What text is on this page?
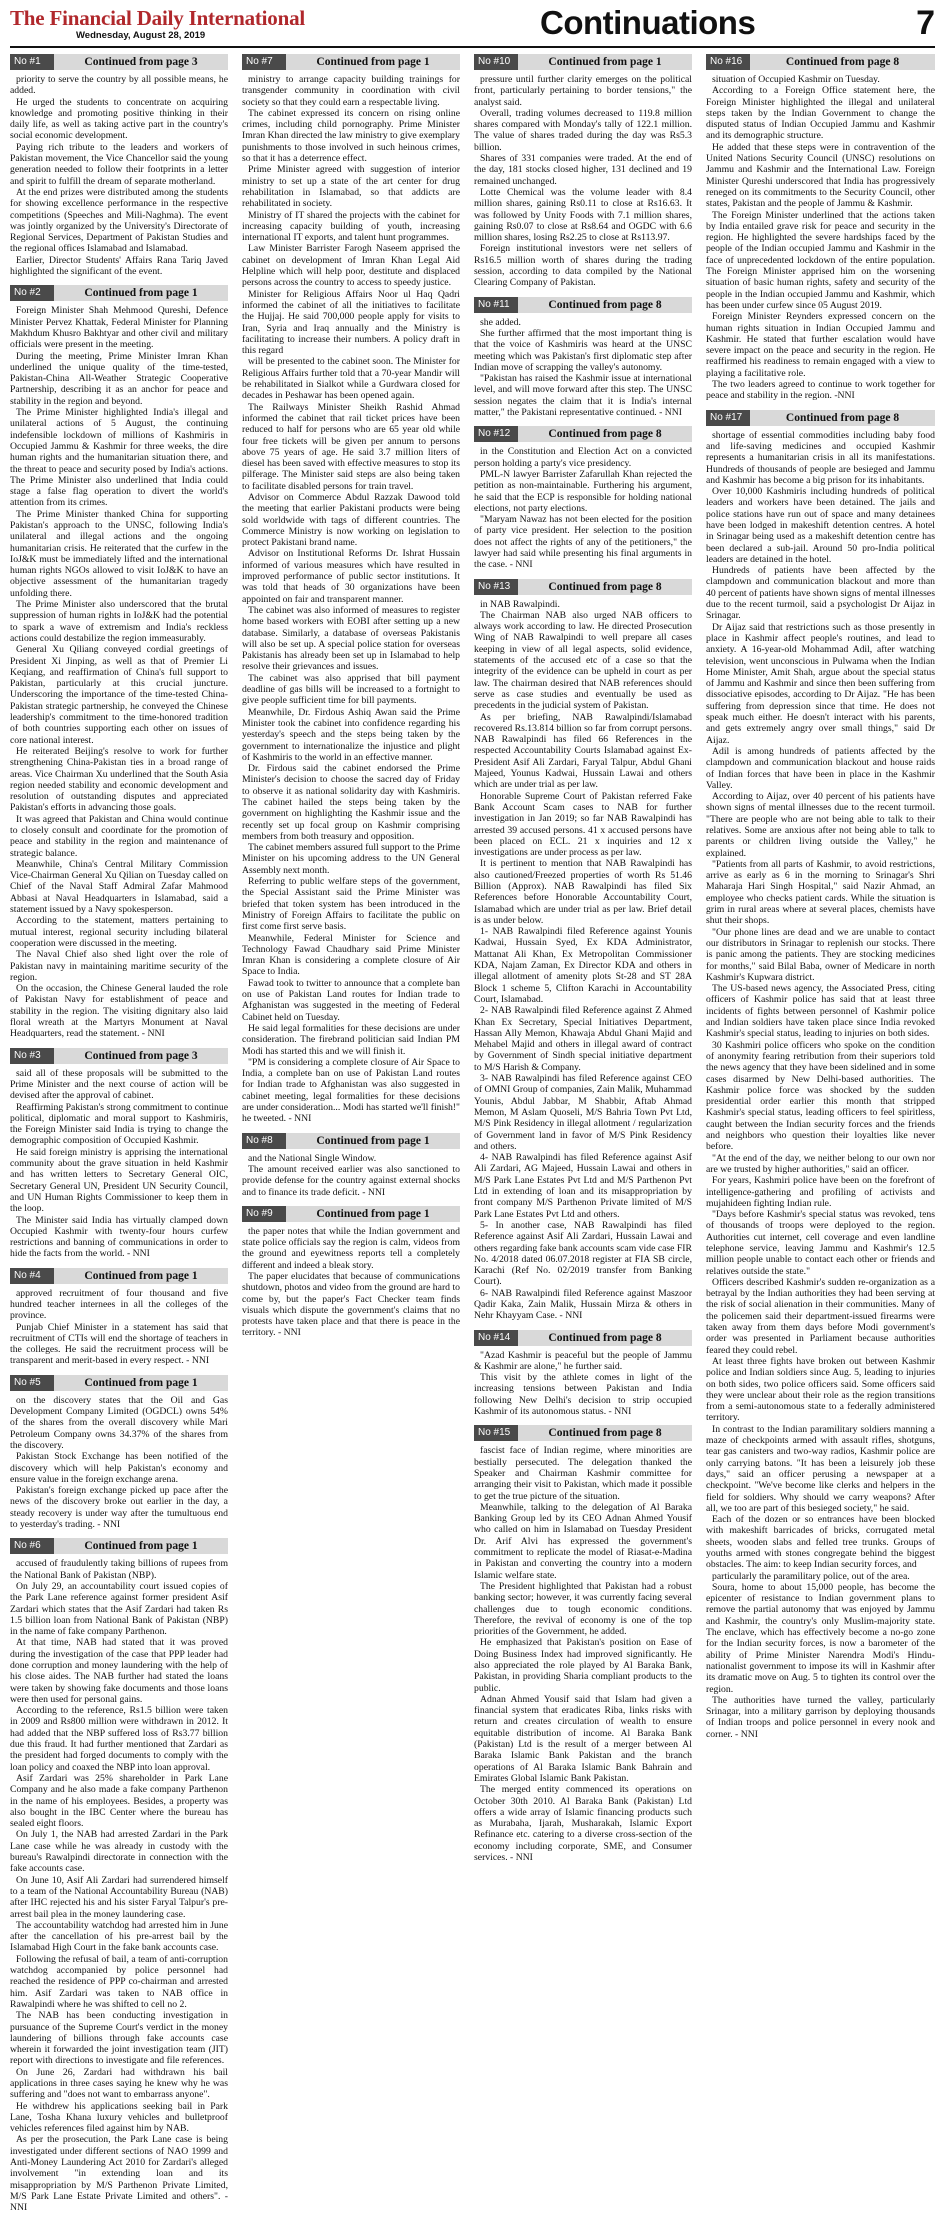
The Financial Daily International
Wednesday, August 28, 2019	Continuations	7
No #1	Continued from page 3

priority to serve the country by all possible means, he added.

He urged the students to concentrate on acquiring knowledge and promoting positive thinking in their daily life, as well as taking active part in the country's social economic development.

Paying rich tribute to the leaders and workers of Pakistan movement, the Vice Chancellor said the young generation needed to follow their footprints in a letter and spirit to fulfill the dream of separate motherland.

At the end prizes were distributed among the students for showing excellence performance in the respective competitions (Speeches and Mili-Naghma). The event was jointly organized by the University's Directorate of Regional Services, Department of Pakistan Studies and the regional offices Islamabad and Islamabad.

Earlier, Director Students' Affairs Rana Tariq Javed highlighted the significant of the event.

No #2	Continued from page 1

Foreign Minister Shah Mehmood Qureshi, Defence Minister Pervez Khattak, Federal Minister for Planning Makhdum Khusro Bakhtyar and other civil and military officials were present in the meeting.

During the meeting, Prime Minister Imran Khan underlined the unique quality of the time-tested, Pakistan-China All-Weather Strategic Cooperative Partnership, describing it as an anchor for peace and stability in the region and beyond.

The Prime Minister highlighted India's illegal and unilateral actions of 5 August, the continuing indefensible lockdown of millions of Kashmiris in Occupied Jammu & Kashmir for three weeks, the dire human rights and the humanitarian situation there, and the threat to peace and security posed by India's actions. The Prime Minister also underlined that India could stage a false flag operation to divert the world's attention from its crimes.

The Prime Minister thanked China for supporting Pakistan's approach to the UNSC, following India's unilateral and illegal actions and the ongoing humanitarian crisis. He reiterated that the curfew in the IoJ&K must be immediately lifted and the international human rights NGOs allowed to visit IoJ&K to have an objective assessment of the humanitarian tragedy unfolding there.

The Prime Minister also underscored that the brutal suppression of human rights in IoJ&K had the potential to spark a wave of extremism and India's reckless actions could destabilize the region immeasurably.

General Xu Qiliang conveyed cordial greetings of President Xi Jinping, as well as that of Premier Li Keqiang, and reaffirmation of China's full support to Pakistan, particularly at this crucial juncture. Underscoring the importance of the time-tested China-Pakistan strategic partnership, he conveyed the Chinese leadership's commitment to the time-honored tradition of both countries supporting each other on issues of core national interest.

He reiterated Beijing's resolve to work for further strengthening China-Pakistan ties in a broad range of areas. Vice Chairman Xu underlined that the South Asia region needed stability and economic development and resolution of outstanding disputes and appreciated Pakistan's efforts in advancing those goals.

It was agreed that Pakistan and China would continue to closely consult and coordinate for the promotion of peace and stability in the region and maintenance of strategic balance.

Meanwhile, China's Central Military Commission Vice-Chairman General Xu Qilian on Tuesday called on Chief of the Naval Staff Admiral Zafar Mahmood Abbasi at Naval Headquarters in Islamabad, said a statement issued by a Navy spokesperson.

According to the statement, matters pertaining to mutual interest, regional security including bilateral cooperation were discussed in the meeting.

The Naval Chief also shed light over the role of Pakistan navy in maintaining maritime security of the region.

On the occasion, the Chinese General lauded the role of Pakistan Navy for establishment of peace and stability in the region. The visiting dignitary also laid floral wreath at the Martyrs Monument at Naval Headquarters, read the statement. - NNI

No #3	Continued from page 3

said all of these proposals will be submitted to the Prime Minister and the next course of action will be devised after the approval of cabinet.

Reaffirming Pakistan's strong commitment to continue political, diplomatic and moral support to Kashmiris, the Foreign Minister said India is trying to change the demographic composition of Occupied Kashmir.

He said foreign ministry is apprising the international community about the grave situation in held Kashmir and has written letters to Secretary General OIC, Secretary General UN, President UN Security Council, and UN Human Rights Commissioner to keep them in the loop.

The Minister said India has virtually clamped down Occupied Kashmir with twenty-four hours curfew restrictions and banning of communications in order to hide the facts from the world. - NNI

No #4	Continued from page 1

approved recruitment of four thousand and five hundred teacher internees in all the colleges of the province.

Punjab Chief Minister in a statement has said that recruitment of CTIs will end the shortage of teachers in the colleges. He said the recruitment process will be transparent and merit-based in every respect. - NNI

No #5	Continued from page 1

on the discovery states that the Oil and Gas Development Company Limited (OGDCL) owns 54% of the shares from the overall discovery while Mari Petroleum Company owns 34.37% of the shares from the discovery.

Pakistan Stock Exchange has been notified of the discovery which will help Pakistan's economy and ensure value in the foreign exchange arena.

Pakistan's foreign exchange picked up pace after the news of the discovery broke out earlier in the day, a steady recovery is under way after the tumultuous end to yesterday's trading. - NNI

No #6	Continued from page 1

accused of fraudulently taking billions of rupees from the National Bank of Pakistan (NBP).

On July 29, an accountability court issued copies of the Park Lane reference against former president Asif Zardari which states that the Asif Zardari had taken Rs 1.5 billion loan from National Bank of Pakistan (NBP) in the name of fake company Parthenon.

At that time, NAB had stated that it was proved during the investigation of the case that PPP leader had done corruption and money laundering with the help of his close aides. The NAB further had stated the loans were taken by showing fake documents and those loans were then used for personal gains.

According to the reference, Rs1.5 billion were taken in 2009 and Rs800 million were withdrawn in 2012. It had added that the NBP suffered loss of Rs3.77 billion due this fraud. It had further mentioned that Zardari as the president had forged documents to comply with the loan policy and coaxed the NBP into loan approval.

Asif Zardari was 25% shareholder in Park Lane Company and he also made a fake company Parthenon in the name of his employees. Besides, a property was also bought in the IBC Center where the bureau has sealed eight floors.

On July 1, the NAB had arrested Zardari in the Park Lane case while he was already in custody with the bureau's Rawalpindi directorate in connection with the fake accounts case.

On June 10, Asif Ali Zardari had surrendered himself to a team of the National Accountability Bureau (NAB) after IHC rejected his and his sister Faryal Talpur's pre-arrest bail plea in the money laundering case.

The accountability watchdog had arrested him in June after the cancellation of his pre-arrest bail by the Islamabad High Court in the fake bank accounts case.

Following the refusal of bail, a team of anti-corruption watchdog accompanied by police personnel had reached the residence of PPP co-chairman and arrested him. Asif Zardari was taken to NAB office in Rawalpindi where he was shifted to cell no 2.

The NAB has been conducting investigation in pursuance of the Supreme Court's verdict in the money laundering of billions through fake accounts case wherein it forwarded the joint investigation team (JIT) report with directions to investigate and file references.

On June 26, Zardari had withdrawn his bail applications in three cases saying he knew why he was suffering and "does not want to embarrass anyone".

He withdrew his applications seeking bail in Park Lane, Tosha Khana luxury vehicles and bulletproof vehicles references filed against him by NAB.

As per the prosecution, the Park Lane case is being investigated under different sections of NAO 1999 and Anti-Money Laundering Act 2010 for Zardari's alleged involvement "in extending loan and its misappropriation by M/S Parthenon Private Limited, M/S Park Lane Estate Private Limited and others". - NNI

No #7	Continued from page 1

ministry to arrange capacity building trainings for transgender community in coordination with civil society so that they could earn a respectable living.

The cabinet expressed its concern on rising online crimes, including child pornography. Prime Minister Imran Khan directed the law ministry to give exemplary punishments to those involved in such heinous crimes, so that it has a deterrence effect.

Prime Minister agreed with suggestion of interior ministry to set up a state of the art center for drug rehabilitation in Islamabad, so that addicts are rehabilitated in society.

Ministry of IT shared the projects with the cabinet for increasing capacity building of youth, increasing international IT exports, and talent hunt programmes.

Law Minister Barrister Farogh Naseem apprised the cabinet on development of Imran Khan Legal Aid Helpline which will help poor, destitute and displaced persons across the country to access to speedy justice.

Minister for Religious Affairs Noor ul Haq Qadri informed the cabinet of all the initiatives to facilitate the Hujjaj. He said 700,000 people apply for visits to Iran, Syria and Iraq annually and the Ministry is facilitating to increase their numbers. A policy draft in this regard

will be presented to the cabinet soon. The Minister for Religious Affairs further told that a 70-year Mandir will be rehabilitated in Sialkot while a Gurdwara closed for decades in Peshawar has been opened again.

The Railways Minister Sheikh Rashid Ahmad informed the cabinet that rail ticket prices have been reduced to half for persons who are 65 year old while four free tickets will be given per annum to persons above 75 years of age. He said 3.7 million liters of diesel has been saved with effective measures to stop its pilferage. The Minister said steps are also being taken to facilitate disabled persons for train travel.

Advisor on Commerce Abdul Razzak Dawood told the meeting that earlier Pakistani products were being sold worldwide with tags of different countries. The Commerce Ministry is now working on legislation to protect Pakistani brand name.

Advisor on Institutional Reforms Dr. Ishrat Hussain informed of various measures which have resulted in improved performance of public sector institutions. It was told that heads of 30 organizations have been appointed on fair and transparent manner.

The cabinet was also informed of measures to register home based workers with EOBI after setting up a new database. Similarly, a database of overseas Pakistanis will also be set up. A special police station for overseas Pakistanis has already been set up in Islamabad to help resolve their grievances and issues.

The cabinet was also apprised that bill payment deadline of gas bills will be increased to a fortnight to give people sufficient time for bill payments.

Meanwhile, Dr. Firdous Ashiq Awan said the Prime Minister took the cabinet into confidence regarding his yesterday's speech and the steps being taken by the government to internationalize the injustice and plight of Kashmiris to the world in an effective manner.

Dr. Firdous said the cabinet endorsed the Prime Minister's decision to choose the sacred day of Friday to observe it as national solidarity day with Kashmiris. The cabinet hailed the steps being taken by the government on highlighting the Kashmir issue and the recently set up focal group on Kashmir comprising members from both treasury and opposition.

The cabinet members assured full support to the Prime Minister on his upcoming address to the UN General Assembly next month.

Referring to public welfare steps of the government, the Special Assistant said the Prime Minister was briefed that token system has been introduced in the Ministry of Foreign Affairs to facilitate the public on first come first serve basis.

Meanwhile, Federal Minister for Science and Technology Fawad Chaudhary said Prime Minister Imran Khan is considering a complete closure of Air Space to India.

Fawad took to twitter to announce that a complete ban on use of Pakistan Land routes for Indian trade to Afghanistan was suggested in the meeting of Federal Cabinet held on Tuesday.

He said legal formalities for these decisions are under consideration. The firebrand politician said Indian PM Modi has started this and we will finish it.

"PM is considering a complete closure of Air Space to India, a complete ban on use of Pakistan Land routes for Indian trade to Afghanistan was also suggested in cabinet meeting, legal formalities for these decisions are under consideration... Modi has started we'll finish!" he tweeted. - NNI

No #8	Continued from page 1

and the National Single Window.

The amount received earlier was also sanctioned to provide defense for the country against external shocks and to finance its trade deficit. - NNI

No #9	Continued from page 1

the paper notes that while the Indian government and state police officials say the region is calm, videos from the ground and eyewitness reports tell a completely different and indeed a bleak story.

The paper elucidates that because of communications shutdown, photos and video from the ground are hard to come by, but the paper's Fact Checker team finds visuals which dispute the government's claims that no protests have taken place and that there is peace in the territory. - NNI

No #10	Continued from page 1

pressure until further clarity emerges on the political front, particularly pertaining to border tensions," the analyst said.

Overall, trading volumes decreased to 119.8 million shares compared with Monday's tally of 122.1 million. The value of shares traded during the day was Rs5.3 billion.

Shares of 331 companies were traded. At the end of the day, 181 stocks closed higher, 131 declined and 19 remained unchanged.

Lotte Chemical was the volume leader with 8.4 million shares, gaining Rs0.11 to close at Rs16.63. It was followed by Unity Foods with 7.1 million shares, gaining Rs0.07 to close at Rs8.64 and OGDC with 6.6 million shares, losing Rs2.25 to close at Rs113.97.

Foreign institutional investors were net sellers of Rs16.5 million worth of shares during the trading session, according to data compiled by the National Clearing Company of Pakistan.

No #11	Continued from page 8

she added.

She further affirmed that the most important thing is that the voice of Kashmiris was heard at the UNSC meeting which was Pakistan's first diplomatic step after Indian move of scrapping the valley's autonomy.

"Pakistan has raised the Kashmir issue at international level, and will move forward after this step. The UNSC session negates the claim that it is India's internal matter," the Pakistani representative continued. - NNI

No #12	Continued from page 8

in the Constitution and Election Act on a convicted person holding a party's vice presidency.

PML-N lawyer Barrister Zafarullah Khan rejected the petition as non-maintainable. Furthering his argument, he said that the ECP is responsible for holding national elections, not party elections.

"Maryam Nawaz has not been elected for the position of party vice president. Her selection to the position does not affect the rights of any of the petitioners," the lawyer had said while presenting his final arguments in the case. - NNI

No #13	Continued from page 8

in NAB Rawalpindi.

The Chairman NAB also urged NAB officers to always work according to law. He directed Prosecution Wing of NAB Rawalpindi to well prepare all cases keeping in view of all legal aspects, solid evidence, statements of the accused etc of a case so that the integrity of the evidence can be upheld in court as per law. The chairman desired that NAB references should serve as case studies and eventually be used as precedents in the judicial system of Pakistan.

As per briefing, NAB Rawalpindi/Islamabad recovered Rs.13.814 billion so far from corrupt persons. NAB Rawalpindi has filed 66 References in the respected Accountability Courts Islamabad against Ex-President Asif Ali Zardari, Faryal Talpur, Abdul Ghani Majeed, Younus Kadwai, Hussain Lawai and others which are under trial as per law.

Honorable Supreme Court of Pakistan referred Fake Bank Account Scam cases to NAB for further investigation in Jan 2019; so far NAB Rawalpindi has arrested 39 accused persons. 41 x accused persons have been placed on ECL. 21 x inquiries and 12 x investigations are under process as per law.

It is pertinent to mention that NAB Rawalpindi has also cautioned/Freezed properties of worth Rs 51.46 Billion (Approx). NAB Rawalpindi has filed Six References before Honorable Accountability Court, Islamabad which are under trial as per law. Brief detail is as under below.

1- NAB Rawalpindi filed Reference against Younis Kadwai, Hussain Syed, Ex KDA Administrator, Mattanat Ali Khan, Ex Metropolitan Commissioner KDA, Najam Zaman, Ex Director KDA and others in illegal allotment of amenity plots St-28 and ST 28A Block 1 scheme 5, Clifton Karachi in Accountability Court, Islamabad.

2- NAB Rawalpindi filed Reference against Z Ahmed Khan Ex Secretary, Special Initiatives Department, Hassan Ally Memon, Khawaja Abdul Ghani Majid and Mehabel Majid and others in illegal award of contract by Government of Sindh special initiative department to M/S Harish & Company.

3- NAB Rawalpindi has filed Reference against CEO of OMNI Group of companies, Zain Malik, Muhammad Younis, Abdul Jabbar, M Shabbir, Aftab Ahmad Memon, M Aslam Quoseli, M/S Bahria Town Pvt Ltd, M/S Pink Residency in illegal allotment / regularization of Government land in favor of M/S Pink Residency and others.

4- NAB Rawalpindi has filed Reference against Asif Ali Zardari, AG Majeed, Hussain Lawai and others in M/S Park Lane Estates Pvt Ltd and M/S Parthenon Pvt Ltd in extending of loan and its misappropriation by front company M/S Parthenon Private limited of M/S Park Lane Estates Pvt Ltd and others.

5- In another case, NAB Rawalpindi has filed Reference against Asif Ali Zardari, Hussain Lawai and others regarding fake bank accounts scam vide case FIR No. 4/2018 dated 06.07.2018 register at FIA SB circle, Karachi (Ref No. 02/2019 transfer from Banking Court).

6- NAB Rawalpindi filed Reference against Maszoor Qadir Kaka, Zain Malik, Hussain Mirza & others in Nehr Khayyam Case. - NNI

No #14	Continued from page 8

"Azad Kashmir is peaceful but the people of Jammu & Kashmir are alone," he further said.

This visit by the athlete comes in light of the increasing tensions between Pakistan and India following New Delhi's decision to strip occupied Kashmir of its autonomous status. - NNI

No #15	Continued from page 8

fascist face of Indian regime, where minorities are bestially persecuted. The delegation thanked the Speaker and Chairman Kashmir committee for arranging their visit to Pakistan, which made it possible to get the true picture of the situation.

Meanwhile, talking to the delegation of Al Baraka Banking Group led by its CEO Adnan Ahmed Yousif who called on him in Islamabad on Tuesday President Dr. Arif Alvi has expressed the government's commitment to replicate the model of Riasat-e-Madina in Pakistan and converting the country into a modern Islamic welfare state.

The President highlighted that Pakistan had a robust banking sector; however, it was currently facing several challenges due to tough economic conditions. Therefore, the revival of economy is one of the top priorities of the Government, he added.

He emphasized that Pakistan's position on Ease of Doing Business Index had improved significantly. He also appreciated the role played by Al Baraka Bank, Pakistan, in providing Sharia compliant products to the public.

Adnan Ahmed Yousif said that Islam had given a financial system that eradicates Riba, links risks with return and creates circulation of wealth to ensure equitable distribution of income. Al Baraka Bank (Pakistan) Ltd is the result of a merger between Al Baraka Islamic Bank Pakistan and the branch operations of Al Baraka Islamic Bank Bahrain and Emirates Global Islamic Bank Pakistan.

The merged entity commenced its operations on October 30th 2010. Al Baraka Bank (Pakistan) Ltd offers a wide array of Islamic financing products such as Murabaha, Ijarah, Musharakah, Islamic Export Refinance etc. catering to a diverse cross-section of the economy including corporate, SME, and Consumer services. - NNI

No #16	Continued from page 8

situation of Occupied Kashmir on Tuesday.

According to a Foreign Office statement here, the Foreign Minister highlighted the illegal and unilateral steps taken by the Indian Government to change the disputed status of Indian Occupied Jammu and Kashmir and its demographic structure.

He added that these steps were in contravention of the United Nations Security Council (UNSC) resolutions on Jammu and Kashmir and the International Law. Foreign Minister Qureshi underscored that India has progressively reneged on its commitments to the Security Council, other states, Pakistan and the people of Jammu & Kashmir.

The Foreign Minister underlined that the actions taken by India entailed grave risk for peace and security in the region. He highlighted the severe hardships faced by the people of the Indian occupied Jammu and Kashmir in the face of unprecedented lockdown of the entire population. The Foreign Minister apprised him on the worsening situation of basic human rights, safety and security of the people in the Indian occupied Jammu and Kashmir, which has been under curfew since 05 August 2019.

Foreign Minister Reynders expressed concern on the human rights situation in Indian Occupied Jammu and Kashmir. He stated that further escalation would have severe impact on the peace and security in the region. He reaffirmed his readiness to remain engaged with a view to playing a facilitative role.

The two leaders agreed to continue to work together for peace and stability in the region. -NNI

No #17	Continued from page 8

shortage of essential commodities including baby food and life-saving medicines and occupied Kashmir represents a humanitarian crisis in all its manifestations. Hundreds of thousands of people are besieged and Jammu and Kashmir has become a big prison for its inhabitants.

Over 10,000 Kashmiris including hundreds of political leaders and workers have been detained. The jails and police stations have run out of space and many detainees have been lodged in makeshift detention centres. A hotel in Srinagar being used as a makeshift detention centre has been declared a sub-jail. Around 50 pro-India political leaders are detained in the hotel.

Hundreds of patients have been affected by the clampdown and communication blackout and more than 40 percent of patients have shown signs of mental illnesses due to the recent turmoil, said a psychologist Dr Aijaz in Srinagar.

Dr Aijaz said that restrictions such as those presently in place in Kashmir affect people's routines, and lead to anxiety. A 16-year-old Mohammad Adil, after watching television, went unconscious in Pulwama when the Indian Home Minister, Amit Shah, argue about the special status of Jammu and Kashmir and since then been suffering from dissociative episodes, according to Dr Aijaz. "He has been suffering from depression since that time. He does not speak much either. He doesn't interact with his parents, and gets extremely angry over small things," said Dr Aijaz.

Adil is among hundreds of patients affected by the clampdown and communication blackout and house raids of Indian forces that have been in place in the Kashmir Valley.

According to Aijaz, over 40 percent of his patients have shown signs of mental illnesses due to the recent turmoil. "There are people who are not being able to talk to their relatives. Some are anxious after not being able to talk to parents or children living outside the Valley," he explained.

"Patients from all parts of Kashmir, to avoid restrictions, arrive as early as 6 in the morning to Srinagar's Shri Maharaja Hari Singh Hospital," said Nazir Ahmad, an employee who checks patient cards. While the situation is grim in rural areas where at several places, chemists have shut their shops.

"Our phone lines are dead and we are unable to contact our distributors in Srinagar to replenish our stocks. There is panic among the patients. They are stocking medicines for months," said Bilal Baba, owner of Medicare in north Kashmir's Kupwara district.

The US-based news agency, the Associated Press, citing officers of Kashmir police has said that at least three incidents of fights between personnel of Kashmir police and Indian soldiers have taken place since India revoked Kashmir's special status, leading to injuries on both sides.

30 Kashmiri police officers who spoke on the condition of anonymity fearing retribution from their superiors told the news agency that they have been sidelined and in some cases disarmed by New Delhi-based authorities. The Kashmir police force was shocked by the sudden presidential order earlier this month that stripped Kashmir's special status, leading officers to feel spiritless, caught between the Indian security forces and the friends and neighbors who question their loyalties like never before.

"At the end of the day, we neither belong to our own nor are we trusted by higher authorities," said an officer.

For years, Kashmiri police have been on the forefront of intelligence-gathering and profiling of activists and mujahideen fighting Indian rule.

"Days before Kashmir's special status was revoked, tens of thousands of troops were deployed to the region. Authorities cut internet, cell coverage and even landline telephone service, leaving Jammu and Kashmir's 12.5 million people unable to contact each other or friends and relatives outside the state."

Officers described Kashmir's sudden re-organization as a betrayal by the Indian authorities they had been serving at the risk of social alienation in their communities. Many of the policemen said their department-issued firearms were taken away from them days before Modi government's order was presented in Parliament because authorities feared they could rebel.

At least three fights have broken out between Kashmir police and Indian soldiers since Aug. 5, leading to injuries on both sides, two police officers said. Some officers said they were unclear about their role as the region transitions from a semi-autonomous state to a federally administered territory.

In contrast to the Indian paramilitary soldiers manning a maze of checkpoints armed with assault rifles, shotguns, tear gas canisters and two-way radios, Kashmir police are only carrying batons. "It has been a leisurely job these days," said an officer perusing a newspaper at a checkpoint. "We've become like clerks and helpers in the field for soldiers. Why should we carry weapons? After all, we too are part of this besieged society," he said.

Each of the dozen or so entrances have been blocked with makeshift barricades of bricks, corrugated metal sheets, wooden slabs and felled tree trunks. Groups of youths armed with stones congregate behind the biggest obstacles. The aim: to keep Indian security forces, and

particularly the paramilitary police, out of the area.

Soura, home to about 15,000 people, has become the epicenter of resistance to Indian government plans to remove the partial autonomy that was enjoyed by Jammu and Kashmir, the country's only Muslim-majority state. The enclave, which has effectively become a no-go zone for the Indian security forces, is now a barometer of the ability of Prime Minister Narendra Modi's Hindu-nationalist government to impose its will in Kashmir after its dramatic move on Aug. 5 to tighten its control over the region.

The authorities have turned the valley, particularly Srinagar, into a military garrison by deploying thousands of Indian troops and police personnel in every nook and corner. - NNI
